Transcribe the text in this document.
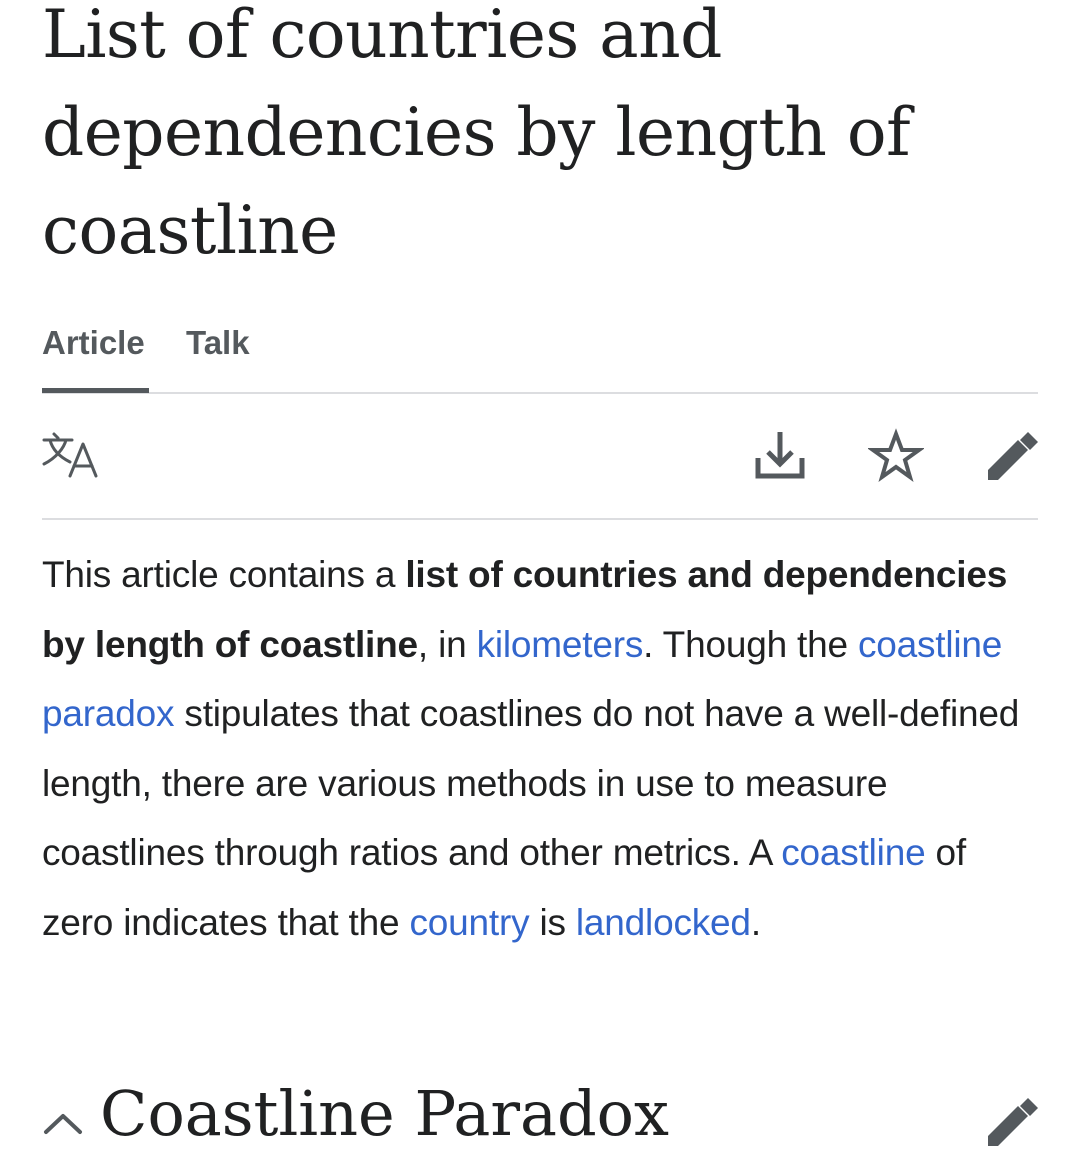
List of countries and dependencies by length of coastline
Article Talk

This article contains a list of countries and dependencies by length of coastline, in kilometers. Though the coastline paradox stipulates that coastlines do not have a well-defined length, there are various methods in use to measure coastlines through ratios and other metrics. A coastline of zero indicates that the country is landlocked.

Coastline Paradox
